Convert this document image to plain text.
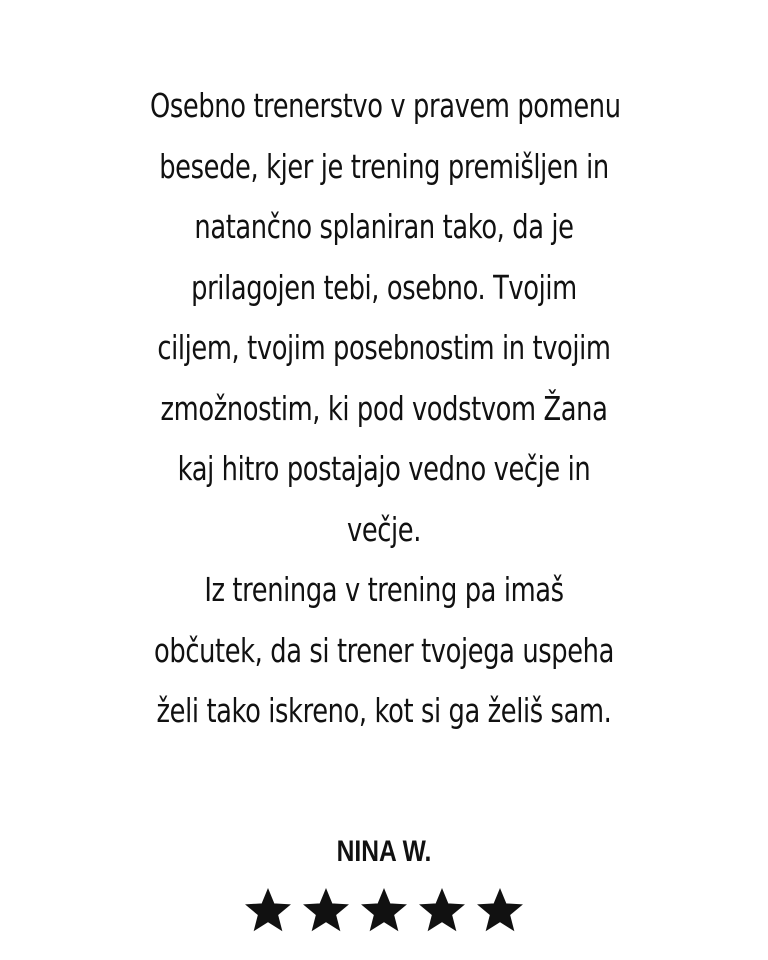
Osebno trenerstvo v pravem pomenu
besede, kjer je trening premišljen in
natančno splaniran tako, da je
prilagojen tebi, osebno. Tvojim
ciljem, tvojim posebnostim in tvojim
zmožnostim, ki pod vodstvom Žana
kaj hitro postajajo vedno večje in
večje.
Iz treninga v trening pa imaš
občutek, da si trener tvojega uspeha
želi tako iskreno, kot si ga želiš sam.
NINA W.
